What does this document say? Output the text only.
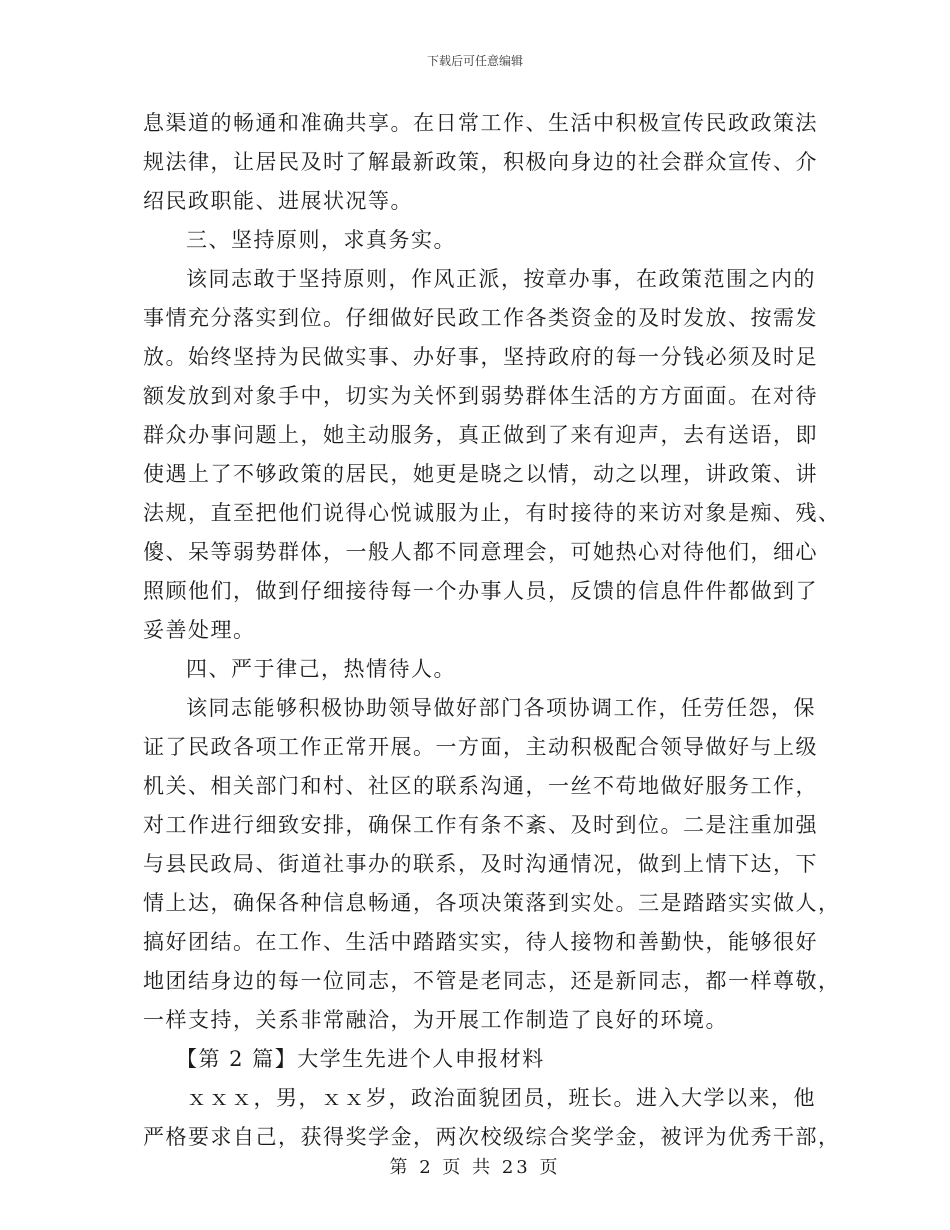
下载后可任意编辑
息渠道的畅通和准确共享。在日常工作、生活中积极宣传民政政策法
规法律，让居民及时了解最新政策，积极向身边的社会群众宣传、介
绍民政职能、进展状况等。
三、坚持原则，求真务实。
该同志敢于坚持原则，作风正派，按章办事，在政策范围之内的
事情充分落实到位。仔细做好民政工作各类资金的及时发放、按需发
放。始终坚持为民做实事、办好事，坚持政府的每一分钱必须及时足
额发放到对象手中，切实为关怀到弱势群体生活的方方面面。在对待
群众办事问题上，她主动服务，真正做到了来有迎声，去有送语，即
使遇上了不够政策的居民，她更是晓之以情，动之以理，讲政策、讲
法规，直至把他们说得心悦诚服为止，有时接待的来访对象是痴、残、
傻、呆等弱势群体，一般人都不同意理会，可她热心对待他们，细心
照顾他们，做到仔细接待每一个办事人员，反馈的信息件件都做到了
妥善处理。
四、严于律己，热情待人。
该同志能够积极协助领导做好部门各项协调工作，任劳任怨，保
证了民政各项工作正常开展。一方面，主动积极配合领导做好与上级
机关、相关部门和村、社区的联系沟通，一丝不苟地做好服务工作，
对工作进行细致安排，确保工作有条不紊、及时到位。二是注重加强
与县民政局、街道社事办的联系，及时沟通情况，做到上情下达，下
情上达，确保各种信息畅通，各项决策落到实处。三是踏踏实实做人，
搞好团结。在工作、生活中踏踏实实，待人接物和善勤快，能够很好
地团结身边的每一位同志，不管是老同志，还是新同志，都一样尊敬，
一样支持，关系非常融洽，为开展工作制造了良好的环境。
【第 2 篇】大学生先进个人申报材料
ｘｘｘ，男，ｘｘ岁，政治面貌团员，班长。进入大学以来，他
严格要求自己，获得奖学金，两次校级综合奖学金，被评为优秀干部，
第 2 页 共 23 页
